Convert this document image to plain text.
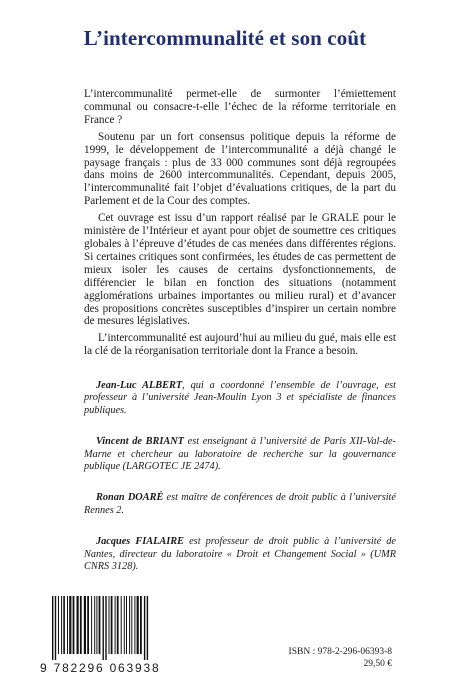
L’intercommunalité et son coût

L’intercommunalité permet-elle de surmonter l’émiettement communal ou consacre-t-elle l’échec de la réforme territoriale en France ?

Soutenu par un fort consensus politique depuis la réforme de 1999, le développement de l’intercommunalité a déjà changé le paysage français : plus de 33 000 communes sont déjà regroupées dans moins de 2600 intercommunalités. Cependant, depuis 2005, l’intercommunalité fait l’objet d’évaluations critiques, de la part du Parlement et de la Cour des comptes.

Cet ouvrage est issu d’un rapport réalisé par le GRALE pour le ministère de l’Intérieur et ayant pour objet de soumettre ces critiques globales à l’épreuve d’études de cas menées dans différentes régions. Si certaines critiques sont confirmées, les études de cas permettent de mieux isoler les causes de certains dysfonctionnements, de différencier le bilan en fonction des situations (notamment agglomérations urbaines importantes ou milieu rural) et d’avancer des propositions concrètes susceptibles d’inspirer un certain nombre de mesures législatives.

L’intercommunalité est aujourd’hui au milieu du gué, mais elle est la clé de la réorganisation territoriale dont la France a besoin.

Jean-Luc ALBERT, qui a coordonné l’ensemble de l’ouvrage, est professeur à l’université Jean-Moulin Lyon 3 et spécialiste de finances publiques.

Vincent de BRIANT est enseignant à l’université de Paris XII-Val-de-Marne et chercheur au laboratoire de recherche sur la gouvernance publique (LARGOTEC JE 2474).

Ronan DOARÉ est maître de conférences de droit public à l’université Rennes 2.

Jacques FIALAIRE est professeur de droit public à l’université de Nantes, directeur du laboratoire « Droit et Changement Social » (UMR CNRS 3128).

9 782296 063938
ISBN : 978-2-296-06393-8
29,50 €
